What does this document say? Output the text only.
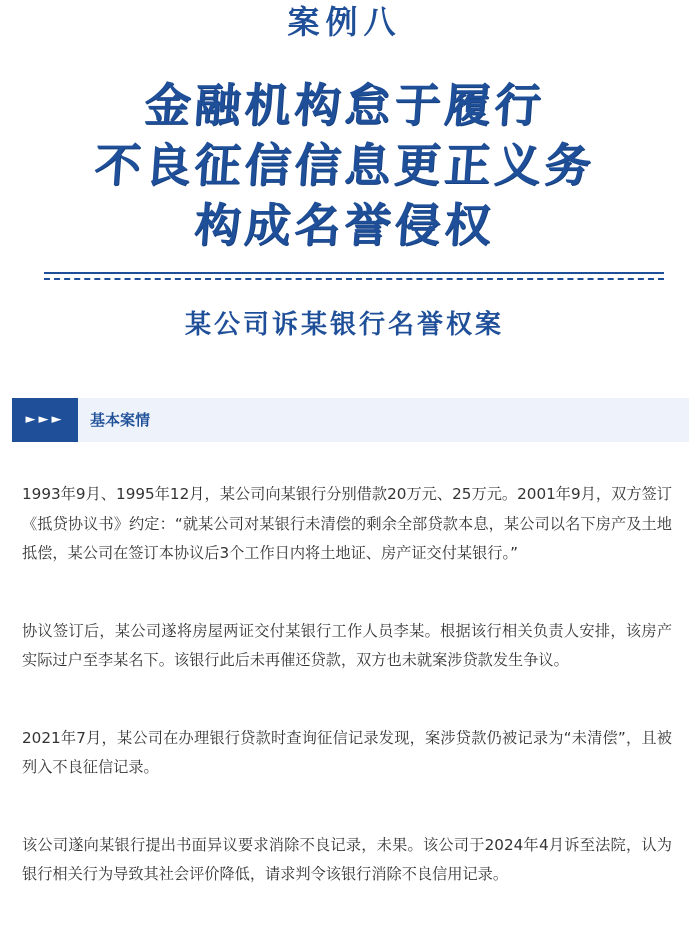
案例八
金融机构怠于履行
不良征信信息更正义务
构成名誉侵权
某公司诉某银行名誉权案
►►►	基本案情

1993年9月、1995年12月，某公司向某银行分别借款20万元、25万元。2001年9月，双方签订《抵贷协议书》约定：“就某公司对某银行未清偿的剩余全部贷款本息，某公司以名下房产及土地抵偿，某公司在签订本协议后3个工作日内将土地证、房产证交付某银行。”

协议签订后，某公司遂将房屋两证交付某银行工作人员李某。根据该行相关负责人安排，该房产实际过户至李某名下。该银行此后未再催还贷款，双方也未就案涉贷款发生争议。

2021年7月，某公司在办理银行贷款时查询征信记录发现，案涉贷款仍被记录为“未清偿”，且被列入不良征信记录。

该公司遂向某银行提出书面异议要求消除不良记录，未果。该公司于2024年4月诉至法院，认为银行相关行为导致其社会评价降低，请求判令该银行消除不良信用记录。
